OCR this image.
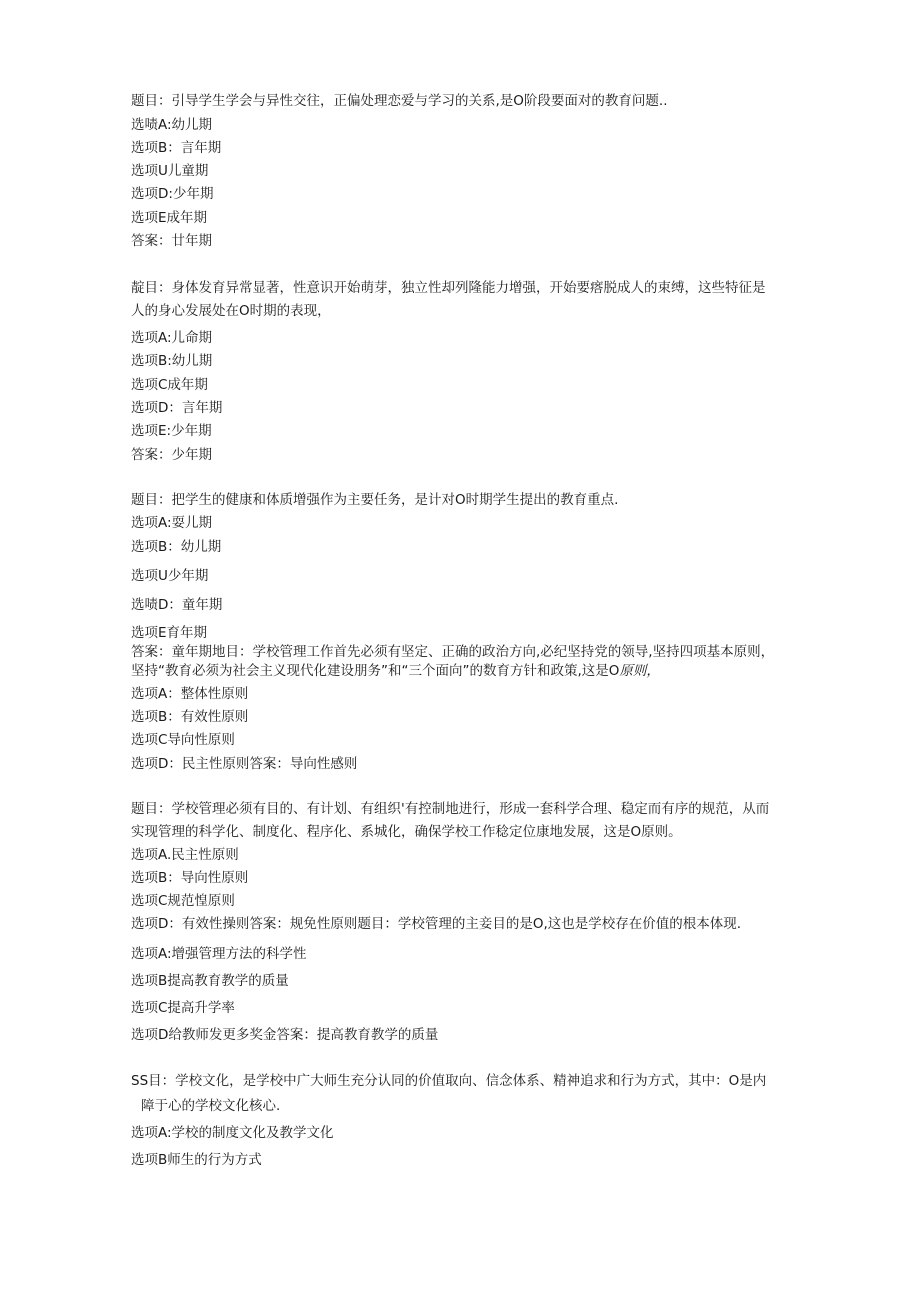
题目：引导学生学会与异性交往，正偏处理恋爱与学习的关系,是O阶段要面对的教育问题..
选啧A:幼儿期
选项B：言年期
选项U儿童期
选项D:少年期
选项E成年期
答案：廿年期
靛目：身体发育异常显著，性意识开始萌芽，独立性却列隆能力增强，开始要瘩脱成人的束缚，这些特征是
人的身心发展处在O时期的表现，
选项A:儿命期
选项B:幼儿期
选项C成年期
选项D：言年期
选项E:少年期
答案：少年期
题目：把学生的健康和体质增强作为主要任务，是计对O时期学生提出的教育重点.
选项A:耍儿期
选项B：幼儿期
选项U少年期
选啧D：童年期
选项E育年期
答案：童年期地目：学校管理工作首先必须有坚定、正确的政治方向,必纪坚持党的领导,坚持四项基本原则，
坚持“教育必须为社会主义现代化建设朋务”和“三个面向”的数育方针和政策,这是O原则，
选项A：整体性原则
选项B：有效性原则
选项C导向性原则
选项D：民主性原则答案：导向性感则
题目：学校管理必须有目的、有计划、有组织'有控制地进行，形成一套科学合理、稳定而有序的规范，从而
实现管理的科学化、制度化、程序化、系城化，确保学校工作稔定位康地发展，这是O原则。
选项A.民主性原则
选项B：导向性原则
选项C规范惶原则
选项D：有效性操则答案：规免性原则题目：学校管理的主妾目的是O,这也是学校存在价值的根本体现.
选项A:增强管理方法的科学性
选项B提高教育教学的质量
选项C提高升学率
选项D给教师发更多奖金答案：提高教育教学的质量
SS目：学校文化，是学校中广大师生充分认同的价值取向、信念体系、精神追求和行为方式，其中：O是内
障于心的学校文化核心.
选项A:学校的制度文化及教学文化
选项B师生的行为方式
